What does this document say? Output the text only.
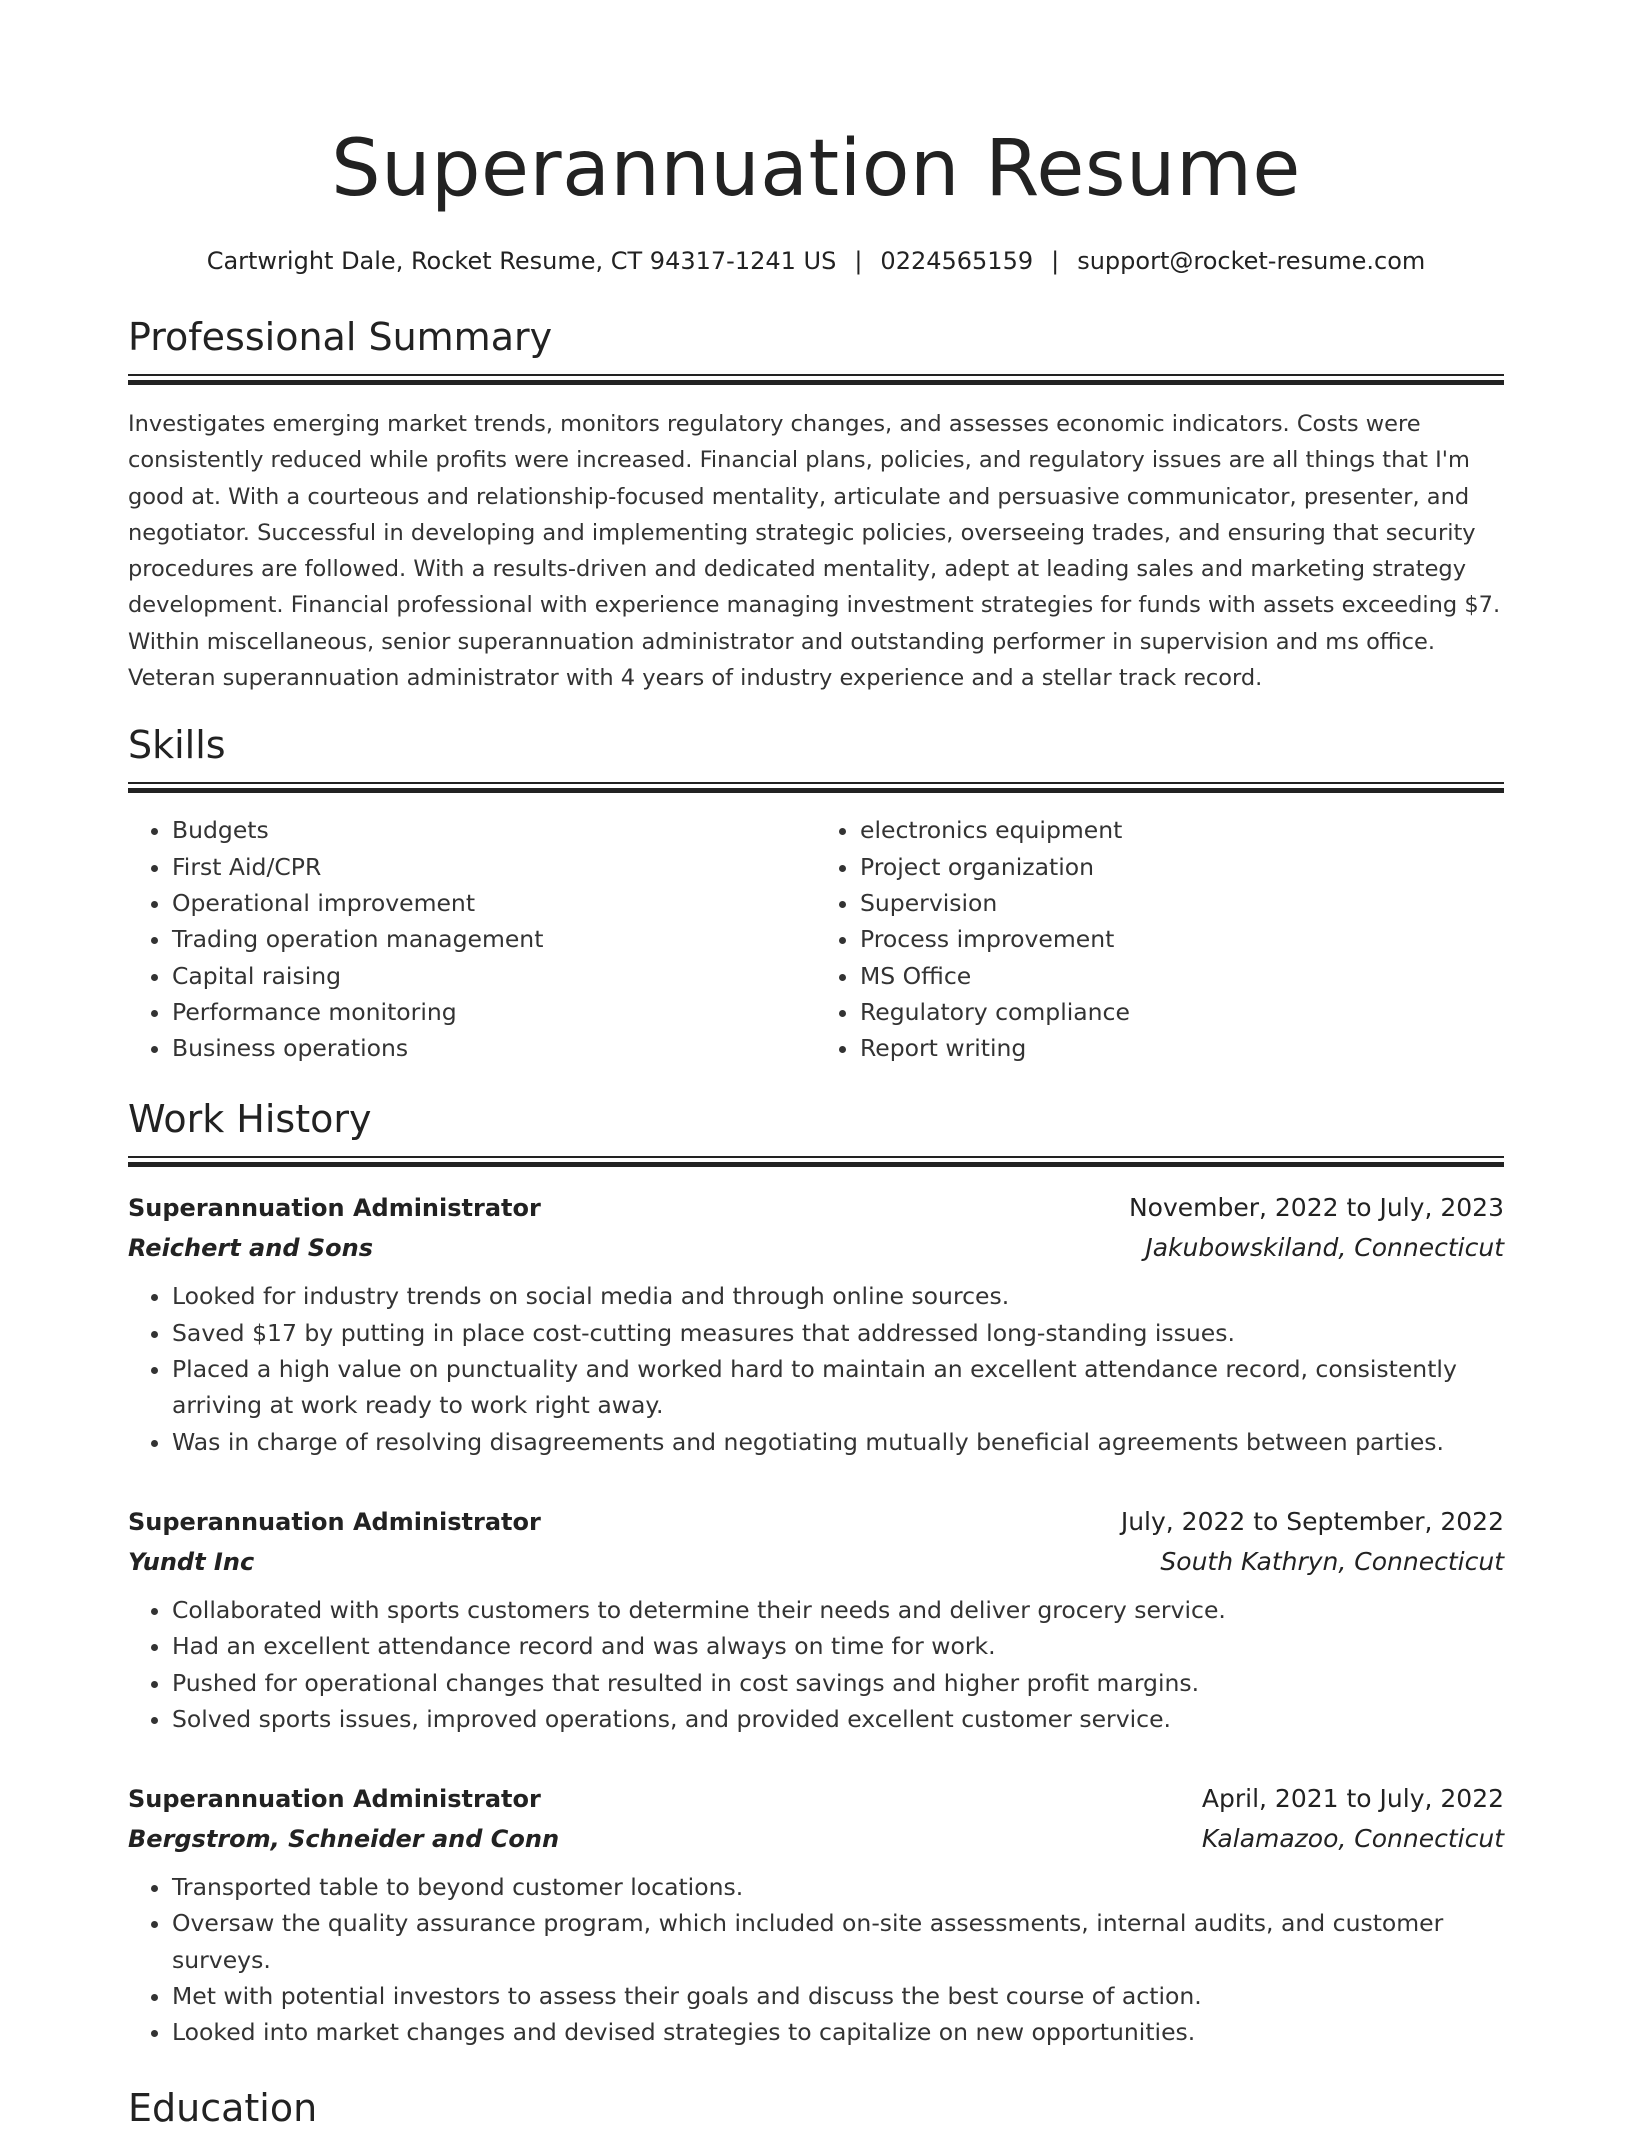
Superannuation Resume
Cartwright Dale, Rocket Resume, CT 94317-1241 US | 0224565159 | support@rocket-resume.com
Professional Summary

Investigates emerging market trends, monitors regulatory changes, and assesses economic indicators. Costs were consistently reduced while profits were increased. Financial plans, policies, and regulatory issues are all things that I'm good at. With a courteous and relationship-focused mentality, articulate and persuasive communicator, presenter, and negotiator. Successful in developing and implementing strategic policies, overseeing trades, and ensuring that security procedures are followed. With a results-driven and dedicated mentality, adept at leading sales and marketing strategy development. Financial professional with experience managing investment strategies for funds with assets exceeding $7. Within miscellaneous, senior superannuation administrator and outstanding performer in supervision and ms office. Veteran superannuation administrator with 4 years of industry experience and a stellar track record.

Skills
• Budgets
• First Aid/CPR
• Operational improvement
• Trading operation management
• Capital raising
• Performance monitoring
• Business operations
• electronics equipment
• Project organization
• Supervision
• Process improvement
• MS Office
• Regulatory compliance
• Report writing
Work History
Superannuation Administrator	November, 2022 to July, 2023
Reichert and Sons	Jakubowskiland, Connecticut
• Looked for industry trends on social media and through online sources.
• Saved $17 by putting in place cost-cutting measures that addressed long-standing issues.
• Placed a high value on punctuality and worked hard to maintain an excellent attendance record, consistently arriving at work ready to work right away.
• Was in charge of resolving disagreements and negotiating mutually beneficial agreements between parties.
Superannuation Administrator	July, 2022 to September, 2022
Yundt Inc	South Kathryn, Connecticut
• Collaborated with sports customers to determine their needs and deliver grocery service.
• Had an excellent attendance record and was always on time for work.
• Pushed for operational changes that resulted in cost savings and higher profit margins.
• Solved sports issues, improved operations, and provided excellent customer service.
Superannuation Administrator	April, 2021 to July, 2022
Bergstrom, Schneider and Conn	Kalamazoo, Connecticut
• Transported table to beyond customer locations.
• Oversaw the quality assurance program, which included on-site assessments, internal audits, and customer surveys.
• Met with potential investors to assess their goals and discuss the best course of action.
• Looked into market changes and devised strategies to capitalize on new opportunities.
Education
